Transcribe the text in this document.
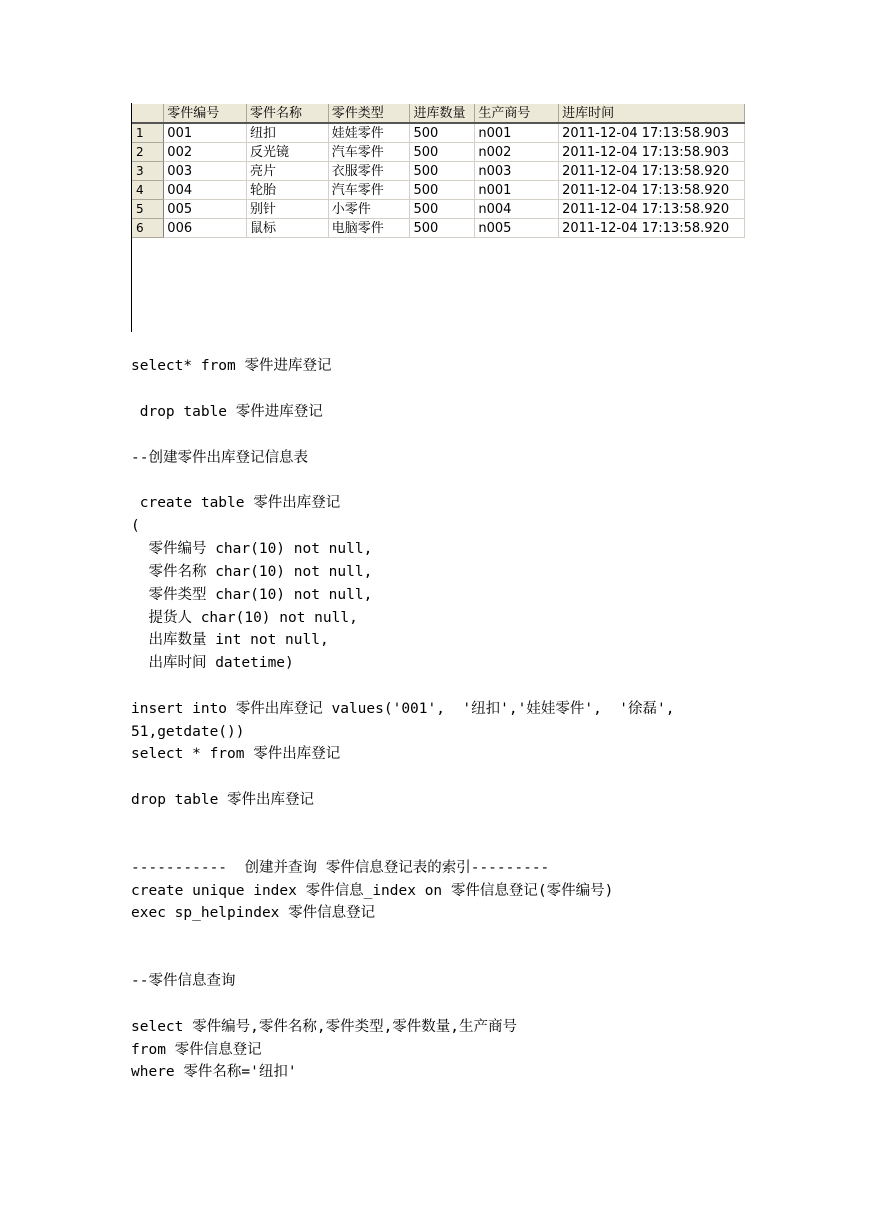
	零件编号	零件名称	零件类型	进库数量	生产商号	进库时间
1	001	纽扣	娃娃零件	500	n001	2011-12-04 17:13:58.903
2	002	反光镜	汽车零件	500	n002	2011-12-04 17:13:58.903
3	003	亮片	衣服零件	500	n003	2011-12-04 17:13:58.920
4	004	轮胎	汽车零件	500	n001	2011-12-04 17:13:58.920
5	005	别针	小零件	500	n004	2011-12-04 17:13:58.920
6	006	鼠标	电脑零件	500	n005	2011-12-04 17:13:58.920

select* from 零件进库登记

drop table 零件进库登记

--创建零件出库登记信息表

create table 零件出库登记

(

零件编号 char(10) not null,

零件名称 char(10) not null,

零件类型 char(10) not null,

提货人 char(10) not null,

出库数量 int not null,

出库时间 datetime)

insert into 零件出库登记 values('001',  '纽扣','娃娃零件',  '徐磊',

51,getdate())

select * from 零件出库登记

drop table 零件出库登记

-----------  创建并查询 零件信息登记表的索引---------

create unique index 零件信息_index on 零件信息登记(零件编号)

exec sp_helpindex 零件信息登记

--零件信息查询

select 零件编号,零件名称,零件类型,零件数量,生产商号

from 零件信息登记

where 零件名称='纽扣'
